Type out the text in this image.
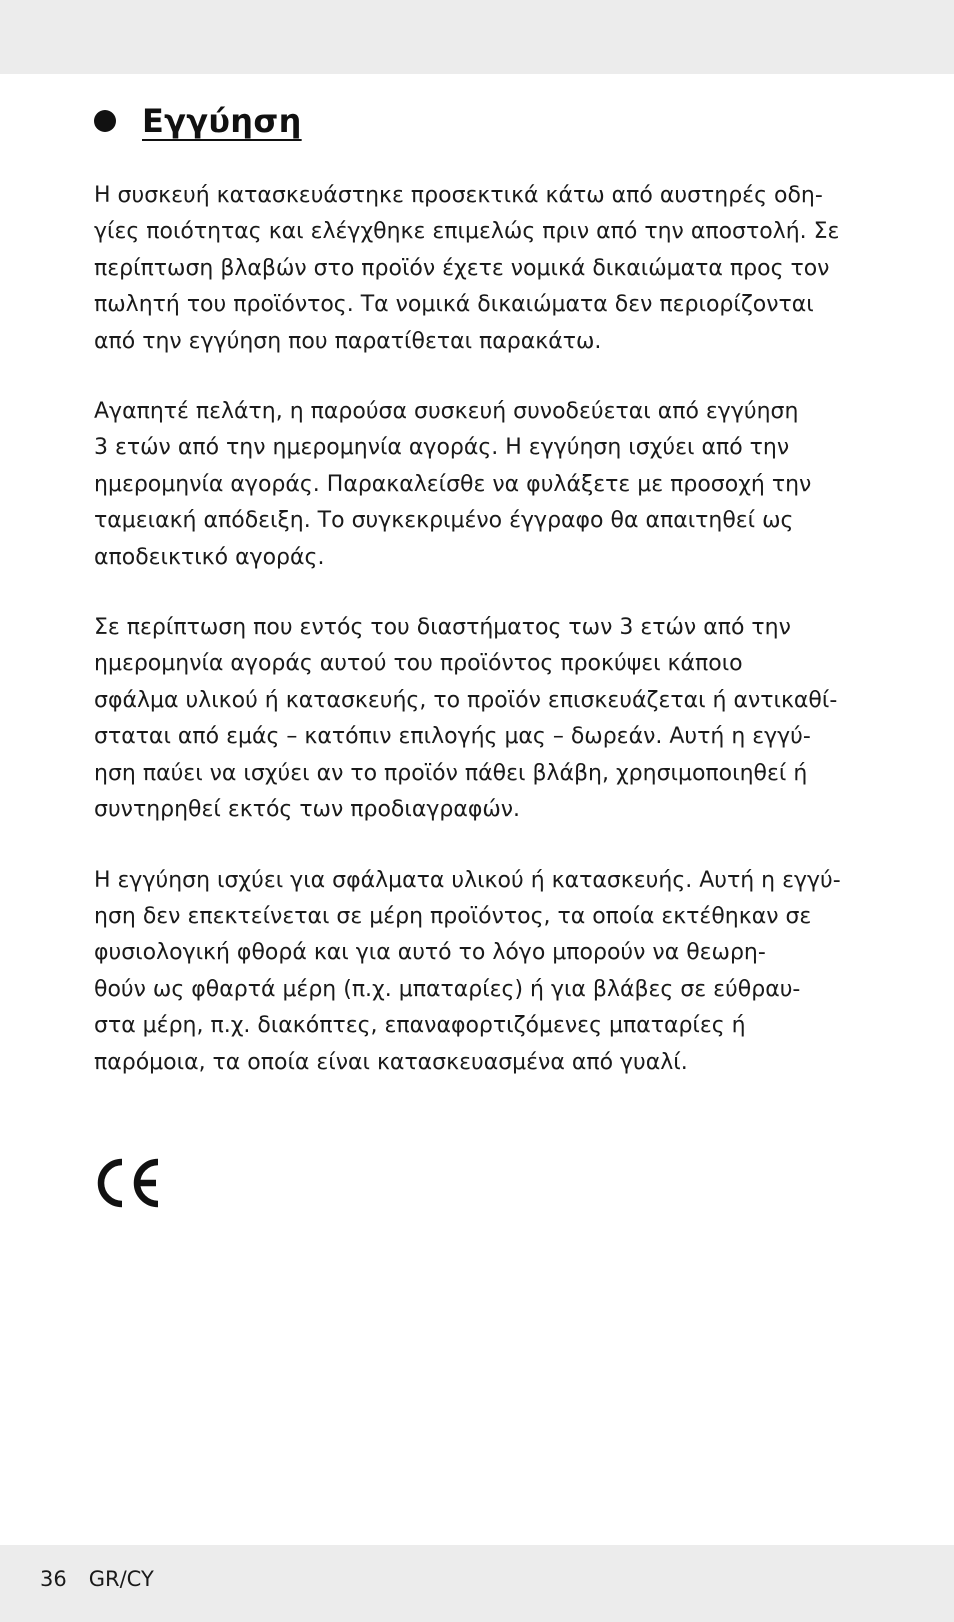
Εγγύηση

Η συσκευή κατασκευάστηκε προσεκτικά κάτω από αυστηρές οδη-
γίες ποιότητας και ελέγχθηκε επιμελώς πριν από την αποστολή. Σε
περίπτωση βλαβών στο προϊόν έχετε νομικά δικαιώματα προς τον
πωλητή του προϊόντος. Τα νομικά δικαιώματα δεν περιορίζονται
από την εγγύηση που παρατίθεται παρακάτω.

Αγαπητέ πελάτη, η παρούσα συσκευή συνοδεύεται από εγγύηση
3 ετών από την ημερομηνία αγοράς. Η εγγύηση ισχύει από την
ημερομηνία αγοράς. Παρακαλείσθε να φυλάξετε με προσοχή την
ταμειακή απόδειξη. Το συγκεκριμένο έγγραφο θα απαιτηθεί ως
αποδεικτικό αγοράς.

Σε περίπτωση που εντός του διαστήματος των 3 ετών από την
ημερομηνία αγοράς αυτού του προϊόντος προκύψει κάποιο
σφάλμα υλικού ή κατασκευής, το προϊόν επισκευάζεται ή αντικαθί-
σταται από εμάς – κατόπιν επιλογής μας – δωρεάν. Αυτή η εγγύ-
ηση παύει να ισχύει αν το προϊόν πάθει βλάβη, χρησιμοποιηθεί ή
συντηρηθεί εκτός των προδιαγραφών.

Η εγγύηση ισχύει για σφάλματα υλικού ή κατασκευής. Αυτή η εγγύ-
ηση δεν επεκτείνεται σε μέρη προϊόντος, τα οποία εκτέθηκαν σε
φυσιολογική φθορά και για αυτό το λόγο μπορούν να θεωρη-
θούν ως φθαρτά μέρη (π.χ. μπαταρίες) ή για βλάβες σε εύθραυ-
στα μέρη, π.χ. διακόπτες, επαναφορτιζόμενες μπαταρίες ή
παρόμοια, τα οποία είναι κατασκευασμένα από γυαλί.

36 GR/CY
